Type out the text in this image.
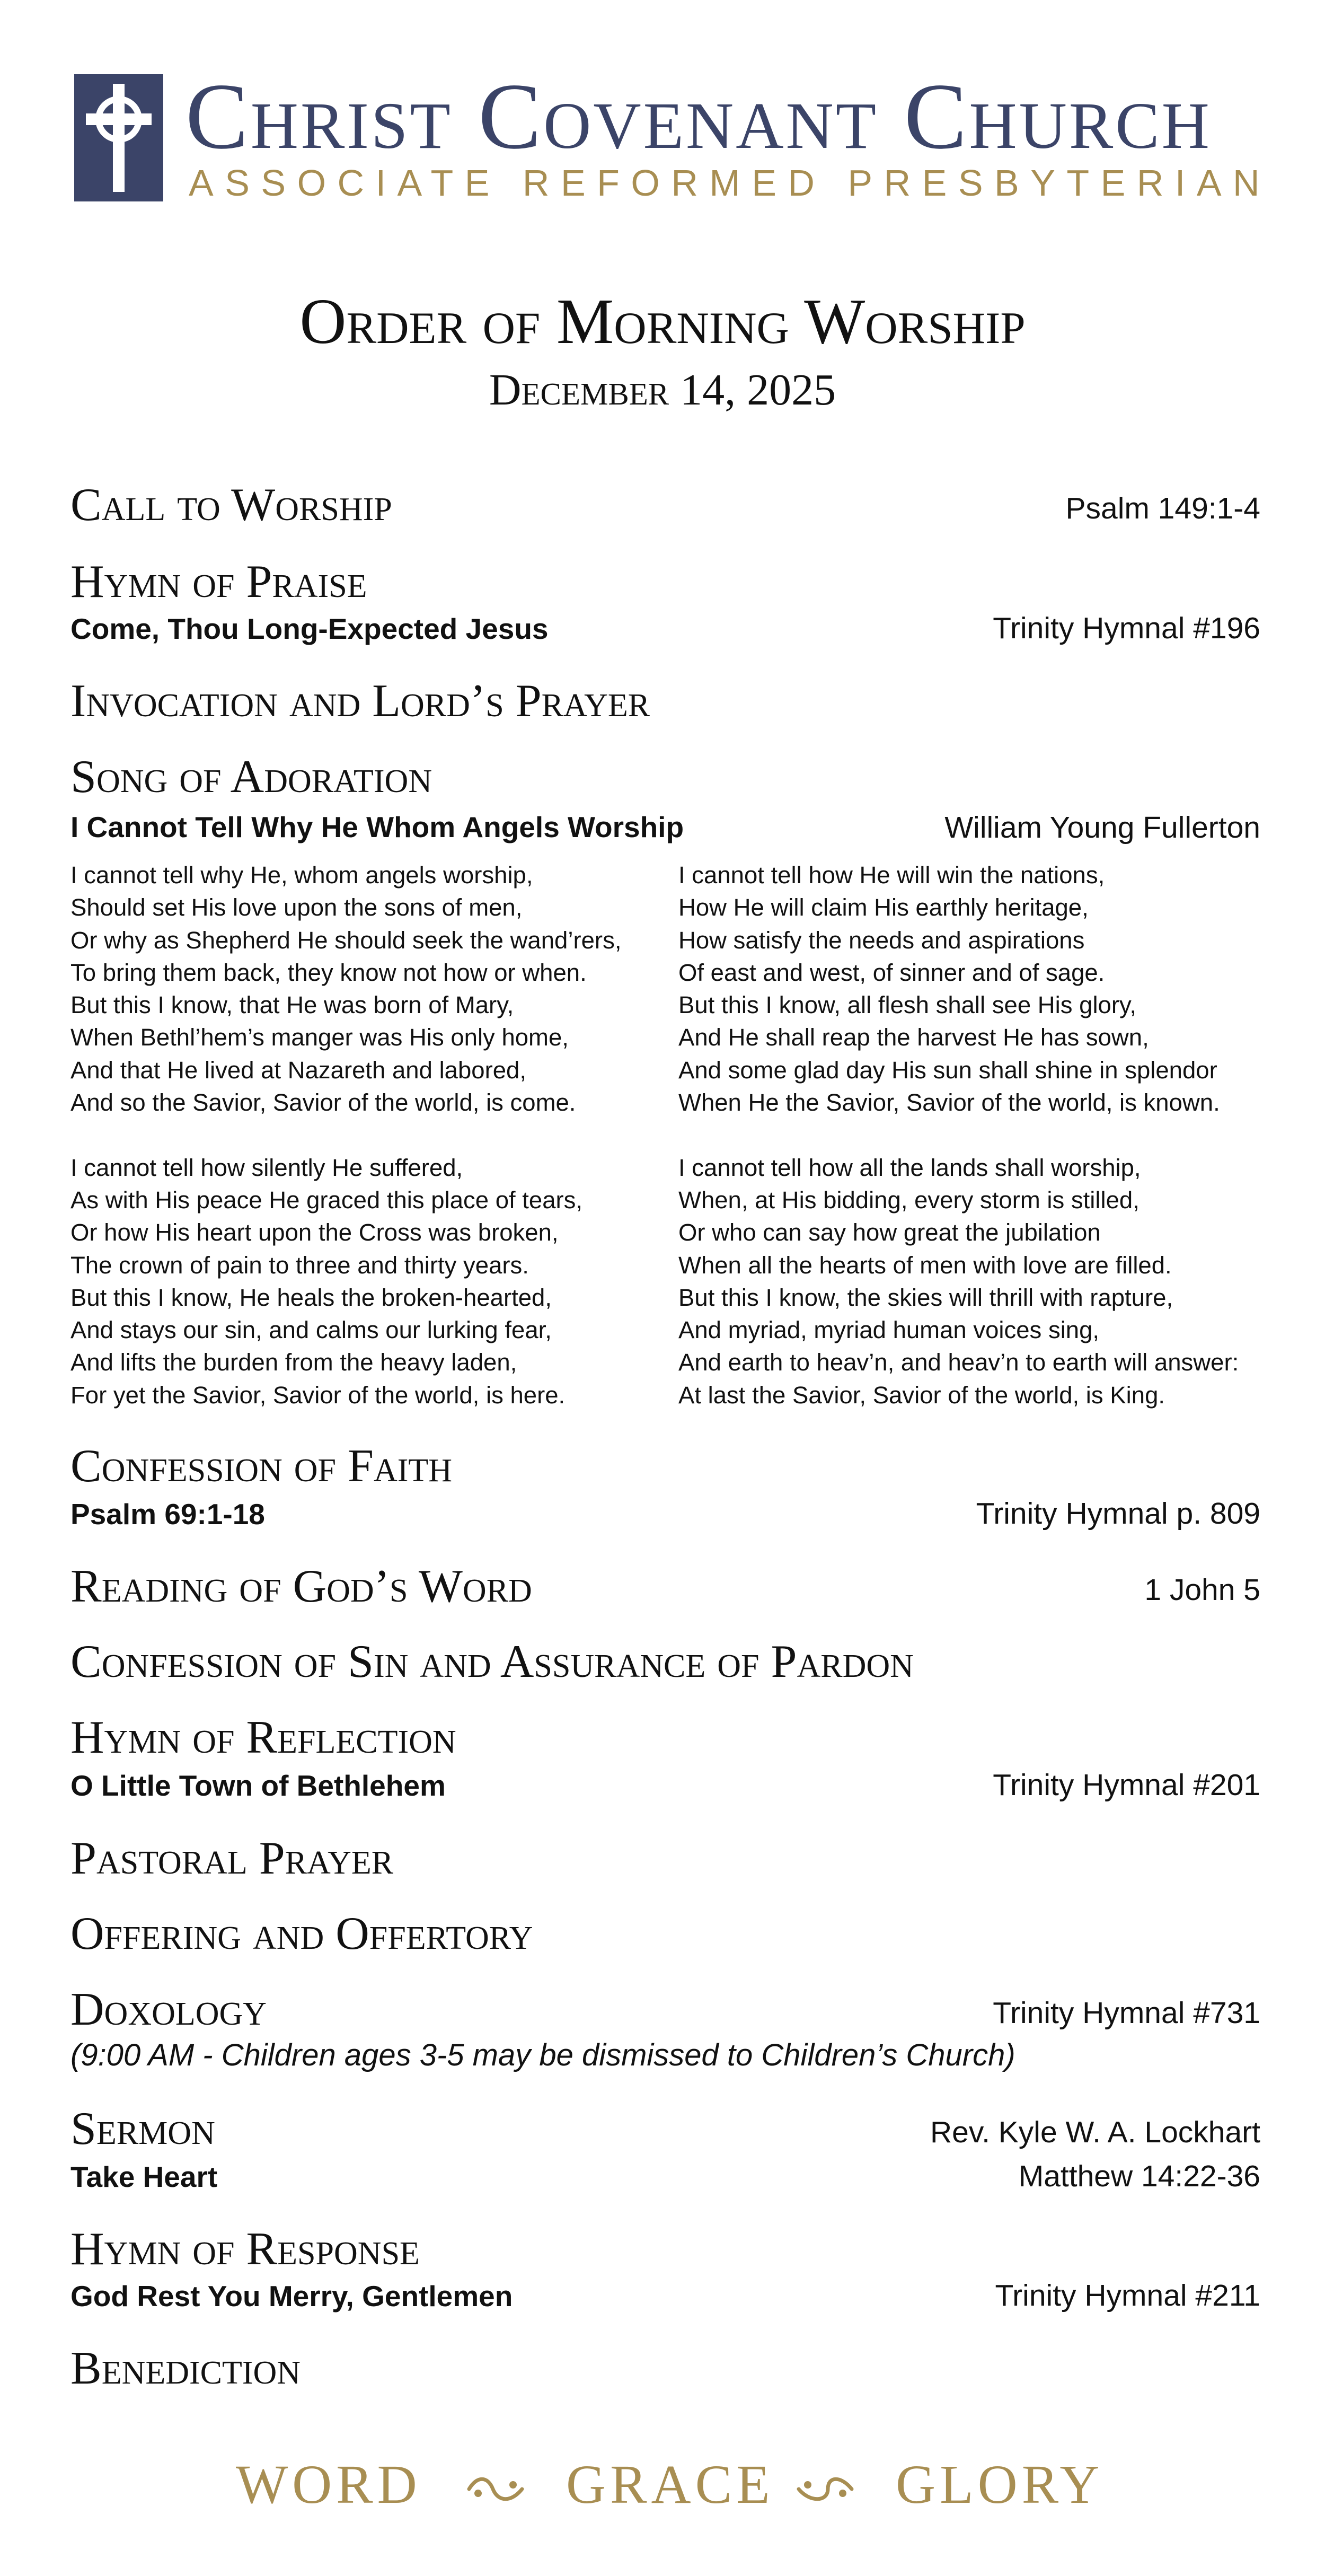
Christ Covenant Church
ASSOCIATE REFORMED PRESBYTERIAN
Order of Morning Worship
December 14, 2025
Call to Worship	Psalm 149:1-4
Hymn of Praise
Come, Thou Long-Expected Jesus	Trinity Hymnal #196
Invocation and Lord’s Prayer
Song of Adoration
I Cannot Tell Why He Whom Angels Worship	William Young Fullerton
I cannot tell why He, whom angels worship,
Should set His love upon the sons of men,
Or why as Shepherd He should seek the wand’rers,
To bring them back, they know not how or when.
But this I know, that He was born of Mary,
When Bethl’hem’s manger was His only home,
And that He lived at Nazareth and labored,
And so the Savior, Savior of the world, is come.
I cannot tell how silently He suffered,
As with His peace He graced this place of tears,
Or how His heart upon the Cross was broken,
The crown of pain to three and thirty years.
But this I know, He heals the broken-hearted,
And stays our sin, and calms our lurking fear,
And lifts the burden from the heavy laden,
For yet the Savior, Savior of the world, is here.
I cannot tell how He will win the nations,
How He will claim His earthly heritage,
How satisfy the needs and aspirations
Of east and west, of sinner and of sage.
But this I know, all flesh shall see His glory,
And He shall reap the harvest He has sown,
And some glad day His sun shall shine in splendor
When He the Savior, Savior of the world, is known.
I cannot tell how all the lands shall worship,
When, at His bidding, every storm is stilled,
Or who can say how great the jubilation
When all the hearts of men with love are filled.
But this I know, the skies will thrill with rapture,
And myriad, myriad human voices sing,
And earth to heav’n, and heav’n to earth will answer:
At last the Savior, Savior of the world, is King.
Confession of Faith
Psalm 69:1-18	Trinity Hymnal p. 809
Reading of God’s Word	1 John 5
Confession of Sin and Assurance of Pardon
Hymn of Reflection
O Little Town of Bethlehem	Trinity Hymnal #201
Pastoral Prayer
Offering and Offertory
Doxology	Trinity Hymnal #731
(9:00 AM - Children ages 3-5 may be dismissed to Children’s Church)
Sermon	Rev. Kyle W. A. Lockhart
Take Heart	Matthew 14:22-36
Hymn of Response
God Rest You Merry, Gentlemen	Trinity Hymnal #211
Benediction
WORD	GRACE GLORY
